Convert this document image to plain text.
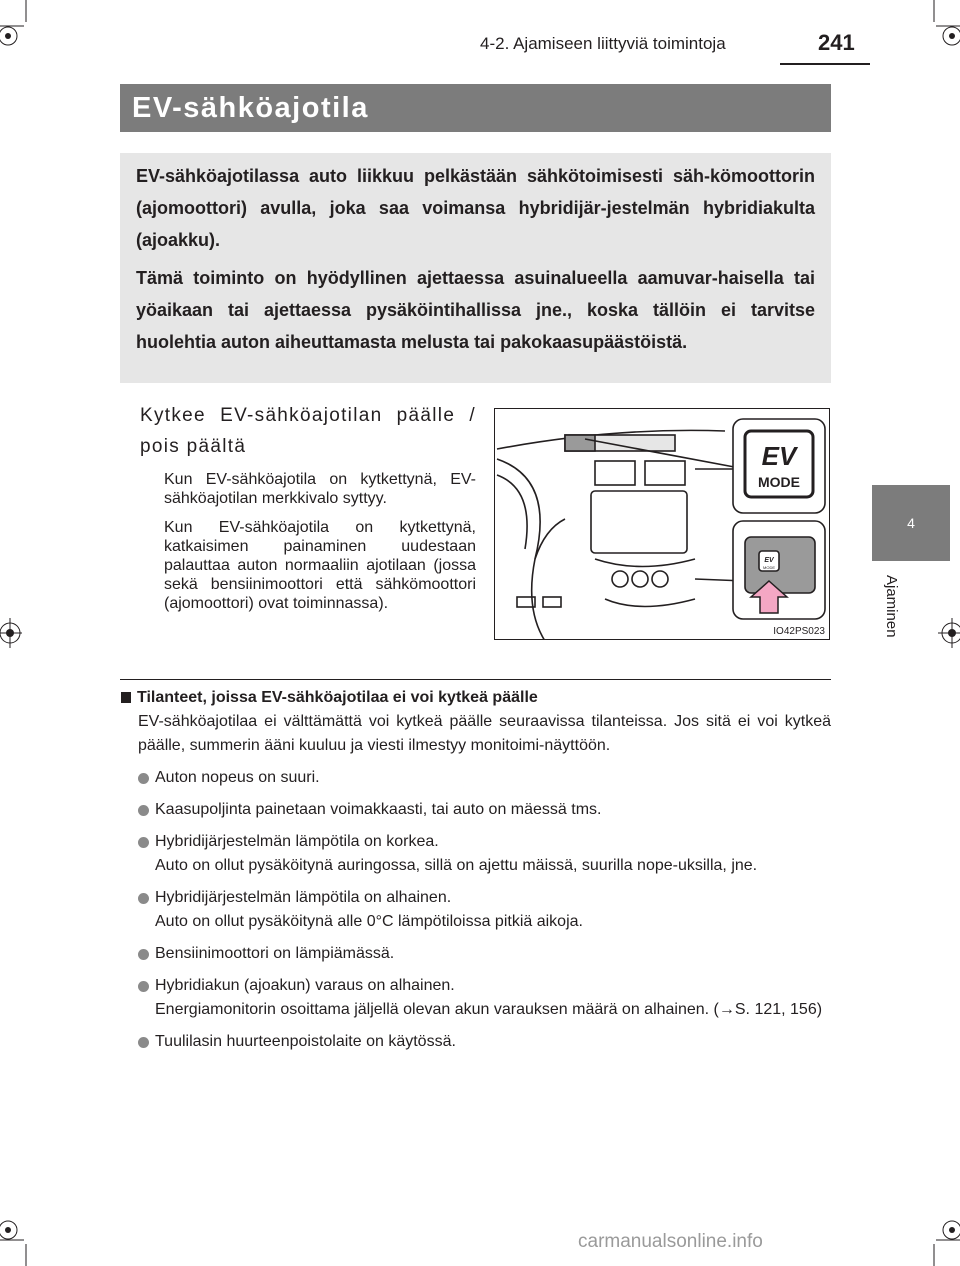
4-2. Ajamiseen liittyviä toimintoja	241
EV-sähköajotila

EV-sähköajotilassa auto liikkuu pelkästään sähkötoimisesti säh-kömoottorin (ajomoottori) avulla, joka saa voimansa hybridijär-jestelmän hybridiakulta (ajoakku).

Tämä toiminto on hyödyllinen ajettaessa asuinalueella aamuvar-haisella tai yöaikaan tai ajettaessa pysäköintihallissa jne., koska tällöin ei tarvitse huolehtia auton aiheuttamasta melusta tai pakokaasupäästöistä.

4
Ajaminen
Kytkee EV-sähköajotilan päälle / pois päältä

Kun EV-sähköajotila on kytkettynä, EV-sähköajotilan merkkivalo syttyy.

Kun EV-sähköajotila on kytkettynä, katkaisimen painaminen uudestaan palauttaa auton normaaliin ajotilaan (jossa sekä bensiinimoottori että sähkömoottori (ajomoottori) ovat toiminnassa).

EV
MODE
EV
MODE
IO42PS023
Tilanteet, joissa EV-sähköajotilaa ei voi kytkeä päälle
EV-sähköajotilaa ei välttämättä voi kytkeä päälle seuraavissa tilanteissa. Jos sitä ei voi kytkeä päälle, summerin ääni kuuluu ja viesti ilmestyy monitoimi-näyttöön.
Auton nopeus on suuri.
Kaasupoljinta painetaan voimakkaasti, tai auto on mäessä tms.
Hybridijärjestelmän lämpötila on korkea.
Auto on ollut pysäköitynä auringossa, sillä on ajettu mäissä, suurilla nope-uksilla, jne.
Hybridijärjestelmän lämpötila on alhainen.
Auto on ollut pysäköitynä alle 0°C lämpötiloissa pitkiä aikoja.
Bensiinimoottori on lämpiämässä.
Hybridiakun (ajoakun) varaus on alhainen.
Energiamonitorin osoittama jäljellä olevan akun varauksen määrä on alhainen. (→S. 121, 156)
Tuulilasin huurteenpoistolaite on käytössä.
carmanualsonline.info
